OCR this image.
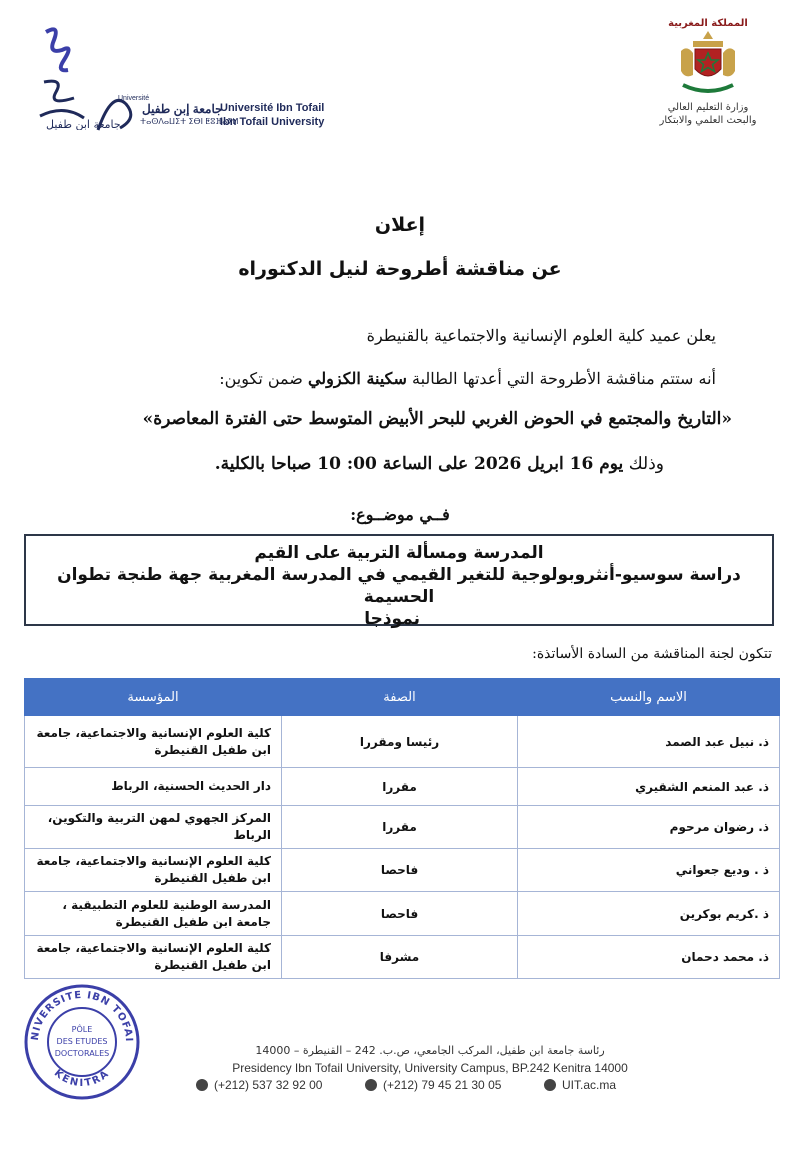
جامعة ابن طفيل
Université
جامعة إبن طفيل
Université Ibn Tofail
ⵜⴰⵙⴷⴰⵡⵉⵜ ⵉⴱⵏ ⵟⵓⴼⴰⵢⵍ
Ibn Tofail University
المملكة المغربية
وزارة التعليم العالي
والبحث العلمي والابتكار
إعلان
عن مناقشة أطروحة لنيل الدكتوراه
يعلن عميد كلية العلوم الإنسانية والاجتماعية بالقنيطرة
أنه ستتم مناقشة الأطروحة التي أعدتها الطالبة سكينة الكزولي ضمن تكوين:
«التاريخ والمجتمع في الحوض الغربي للبحر الأبيض المتوسط حتى الفترة المعاصرة»
وذلك يوم 16 ابريل 2026 على الساعة 00: 10 صباحا بالكلية.
فــي موضــوع:
المدرسة ومسألة التربية على القيم
دراسة سوسيو-أنثروبولوجية للتغير القيمي في المدرسة المغربية جهة طنجة تطوان الحسيمة
نموذجا
تتكون لجنة المناقشة من السادة الأساتذة:
الاسم والنسب	الصفة	المؤسسة
ذ. نبيل عبد الصمد	رئيسا ومقررا	كلية العلوم الإنسانية والاجتماعية، جامعة ابن طفيل القنيطرة
ذ. عبد المنعم الشقيري	مقررا	دار الحديث الحسنية، الرباط
ذ. رضوان مرحوم	مقررا	المركز الجهوي لمهن التربية والتكوين، الرباط
ذ . وديع جعواني	فاحصا	كلية العلوم الإنسانية والاجتماعية، جامعة ابن طفيل القنيطرة
ذ .كريم بوكرين	فاحصا	المدرسة الوطنية للعلوم التطبيقية ، جامعة ابن طفيل القنيطرة
ذ. محمد دحمان	مشرفا	كلية العلوم الإنسانية والاجتماعية، جامعة ابن طفيل القنيطرة
NIVERSITE IBN TOFAI
KENITRA
PÔLE
DES ETUDES
DOCTORALES	رئاسة جامعة ابن طفيل، المركب الجامعي، ص.ب. 242 – القنيطرة – 14000
Presidency Ibn Tofail University, University Campus, BP.242 Kenitra 14000
(+212) 537 32 92 00	(+212) 79 45 21 30 05	UIT.ac.ma
